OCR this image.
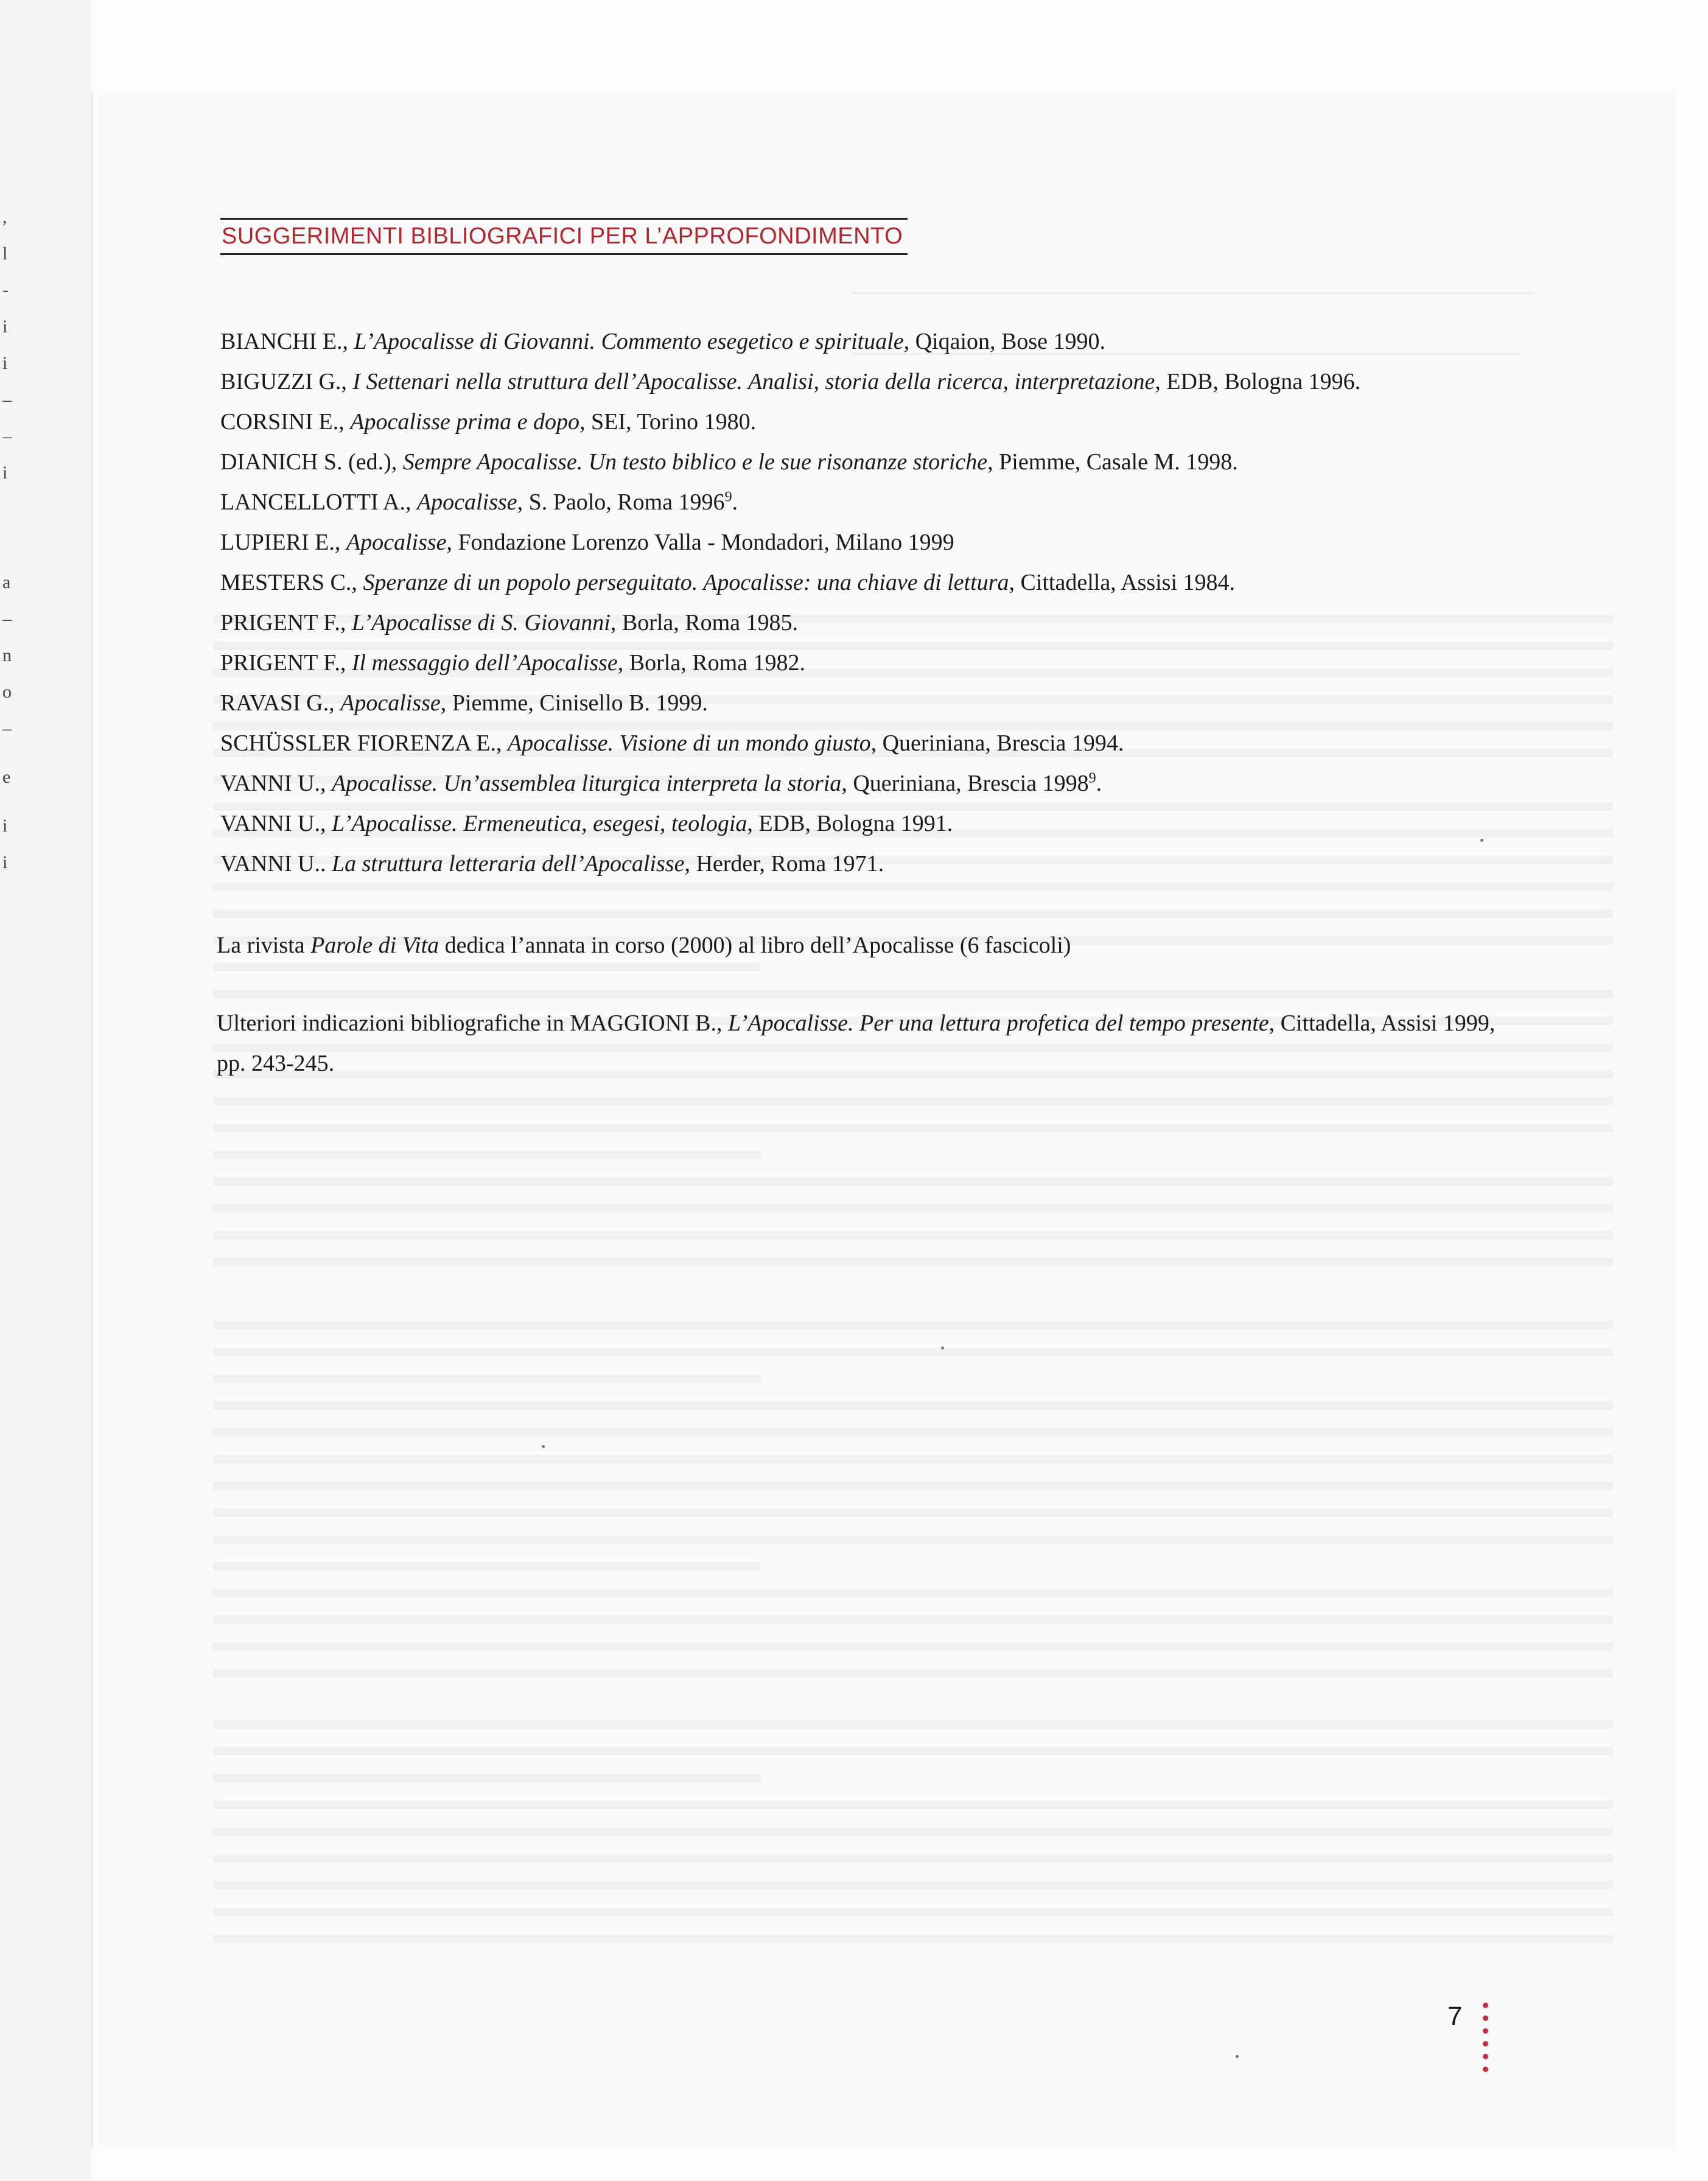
,
l
-
i
i
–
–
i
a
–
n
o
–
e
i
i
SUGGERIMENTI BIBLIOGRAFICI PER L’APPROFONDIMENTO

BIANCHI E., L’Apocalisse di Giovanni. Commento esegetico e spirituale, Qiqaion, Bose 1990.

BIGUZZI G., I Settenari nella struttura dell’Apocalisse. Analisi, storia della ricerca, interpretazione, EDB, Bologna 1996.

CORSINI E., Apocalisse prima e dopo, SEI, Torino 1980.

DIANICH S. (ed.), Sempre Apocalisse. Un testo biblico e le sue risonanze storiche, Piemme, Casale M. 1998.

LANCELLOTTI A., Apocalisse, S. Paolo, Roma 1996$^9$.

LUPIERI E., Apocalisse, Fondazione Lorenzo Valla - Mondadori, Milano 1999

MESTERS C., Speranze di un popolo perseguitato. Apocalisse: una chiave di lettura, Cittadella, Assisi 1984.

PRIGENT F., L’Apocalisse di S. Giovanni, Borla, Roma 1985.

PRIGENT F., Il messaggio dell’Apocalisse, Borla, Roma 1982.

RAVASI G., Apocalisse, Piemme, Cinisello B. 1999.

SCHÜSSLER FIORENZA E., Apocalisse. Visione di un mondo giusto, Queriniana, Brescia 1994.

VANNI U., Apocalisse. Un’assemblea liturgica interpreta la storia, Queriniana, Brescia 1998$^9$.

VANNI U., L’Apocalisse. Ermeneutica, esegesi, teologia, EDB, Bologna 1991.

VANNI U.. La struttura letteraria dell’Apocalisse, Herder, Roma 1971.

La rivista Parole di Vita dedica l’annata in corso (2000) al libro dell’Apocalisse (6 fascicoli)

Ulteriori indicazioni bibliografiche in MAGGIONI B., L’Apocalisse. Per una lettura profetica del tempo presente, Cittadella, Assisi 1999, pp. 243-245.

7
